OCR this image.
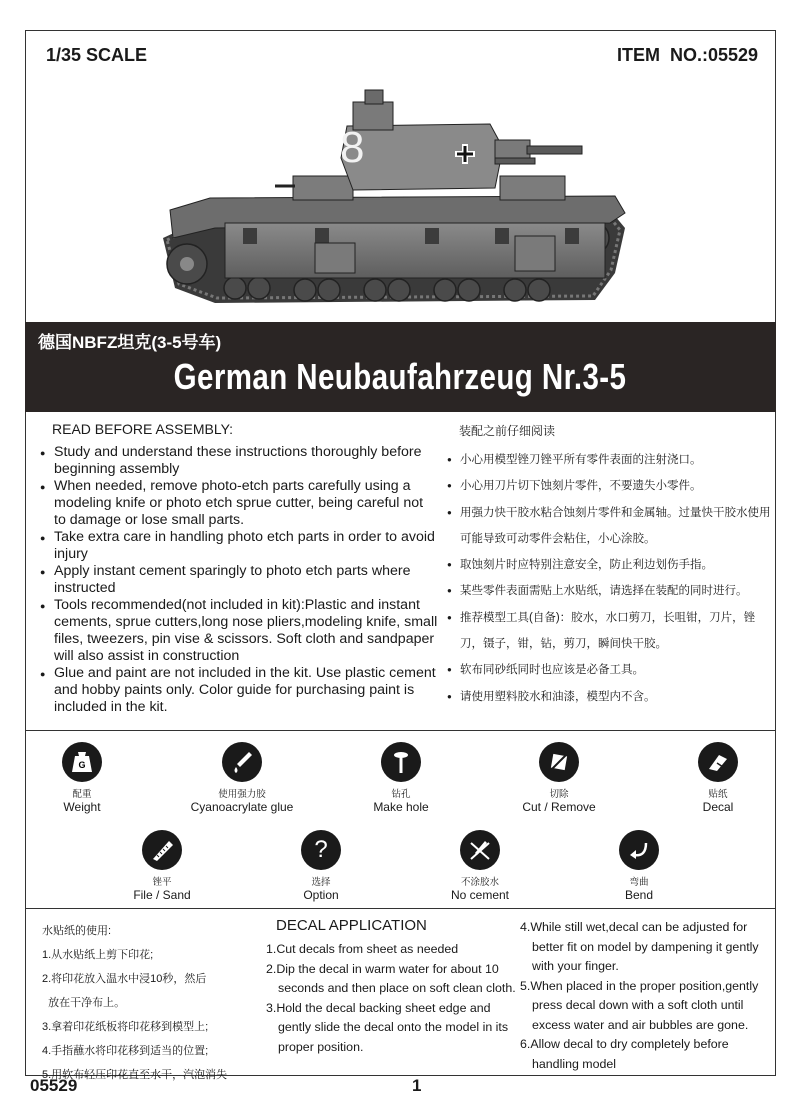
1/35 SCALE	ITEM  NO.:05529
8
德国NBFZ坦克(3-5号车)
German Neubaufahrzeug Nr.3-5
READ BEFORE ASSEMBLY:
● Study and understand these instructions thoroughly before beginning assembly
● When needed, remove photo-etch parts carefully using a modeling knife or photo etch sprue cutter, being careful not to damage or lose small parts.
● Take extra care in handling photo etch parts in order to avoid injury
● Apply instant cement sparingly to photo etch parts where instructed
● Tools recommended(not included in kit):Plastic and instant cements, sprue cutters,long nose pliers,modeling knife, small files, tweezers, pin vise & scissors. Soft cloth and sandpaper will also assist in construction
● Glue and paint are not included in the kit. Use plastic cement and hobby paints only. Color guide for purchasing paint is included in the kit.
装配之前仔细阅读
● 小心用模型锉刀锉平所有零件表面的注射浇口。
● 小心用刀片切下蚀刻片零件，不要遗失小零件。
● 用强力快干胶水粘合蚀刻片零件和金属轴。过量快干胶水使用可能导致可动零件会粘住，小心涂胶。
● 取蚀刻片时应特别注意安全，防止利边划伤手指。
● 某些零件表面需贴上水贴纸，请选择在装配的同时进行。
● 推荐模型工具(自备)：胶水，水口剪刀，长咀钳，刀片，锉刀，镊子，钳，钻，剪刀，瞬间快干胶。
● 软布同砂纸同时也应该是必备工具。
● 请使用塑料胶水和油漆，模型内不含。
G
配重
Weight
使用强力胶
Cyanoacrylate glue
钻孔
Make hole
切除
Cut / Remove
贴纸
Decal
锉平
File / Sand
?
选择
Option
不涂胶水
No cement
弯曲
Bend
水贴纸的使用:
1.从水贴纸上剪下印花;
2.将印花放入温水中浸10秒，然后
放在干净布上。
3.拿着印花纸板将印花移到模型上;
4.手指蘸水将印花移到适当的位置;
5.用软布轻压印花直至水干，汽泡消失
DECAL APPLICATION
1.Cut decals from sheet as needed
2.Dip the decal in warm water for about 10 seconds and then place on soft clean cloth.
3.Hold the decal backing sheet edge and gently slide the decal onto the model in its proper position.
4.While still wet,decal can be adjusted for better fit on model by dampening it gently with your finger.
5.When placed in the proper position,gently press decal down with a soft cloth until excess water and air bubbles are gone.
6.Allow decal to dry completely before handling model
05529	1
